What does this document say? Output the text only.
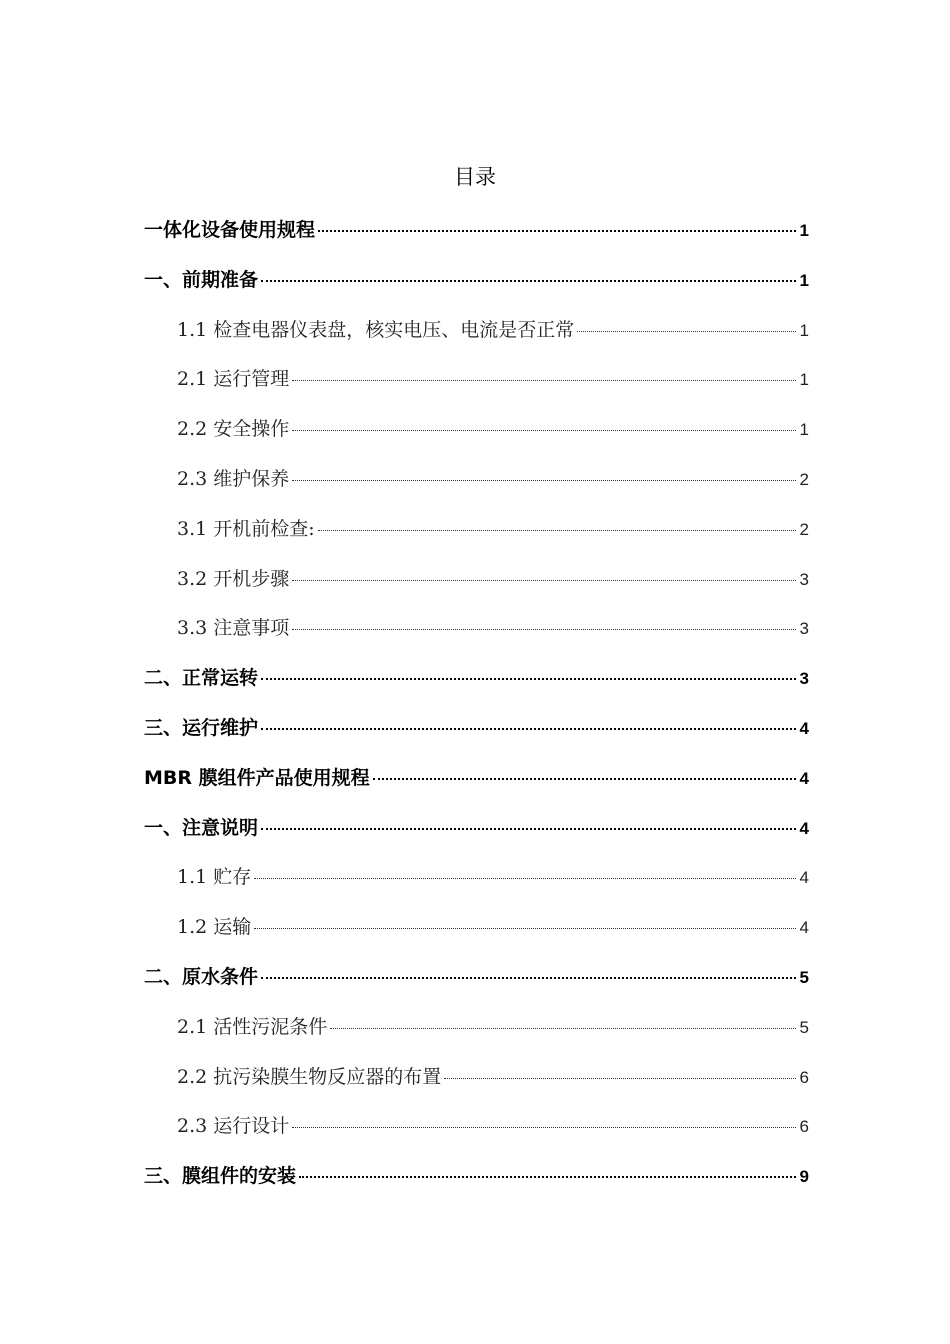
目录
一体化设备使用规程	1
一、前期准备	1
1.1 检查电器仪表盘，核实电压、电流是否正常	1
2.1 运行管理	1
2.2 安全操作	1
2.3 维护保养	2
3.1 开机前检查:	2
3.2 开机步骤	3
3.3 注意事项	3
二、正常运转	3
三、运行维护	4
MBR 膜组件产品使用规程	4
一、注意说明	4
1.1 贮存	4
1.2 运输	4
二、原水条件	5
2.1 活性污泥条件	5
2.2 抗污染膜生物反应器的布置	6
2.3 运行设计	6
三、膜组件的安装	9
